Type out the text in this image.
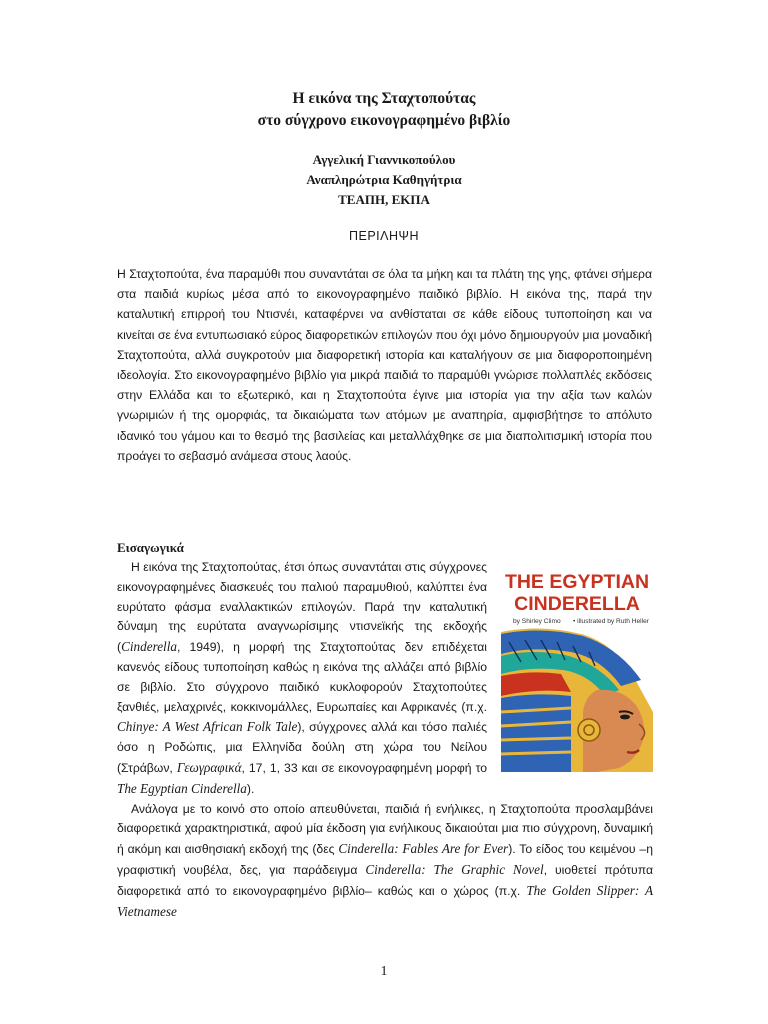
Η εικόνα της Σταχτοπούτας
στο σύγχρονο εικονογραφημένο βιβλίο
Αγγελική Γιαννικοπούλου
Αναπληρώτρια Καθηγήτρια
ΤΕΑΠΗ, ΕΚΠΑ
ΠΕΡΙΛΗΨΗ
Η Σταχτοπούτα, ένα παραμύθι που συναντάται σε όλα τα μήκη και τα πλάτη της γης, φτάνει σήμερα στα παιδιά κυρίως μέσα από το εικονογραφημένο παιδικό βιβλίο. Η εικόνα της, παρά την καταλυτική επιρροή του Ντισνέι, καταφέρνει να ανθίσταται σε κάθε είδους τυποποίηση και να κινείται σε ένα εντυπωσιακό εύρος διαφορετικών επιλογών που όχι μόνο δημιουργούν μια μοναδική Σταχτοπούτα, αλλά συγκροτούν μια διαφορετική ιστορία και καταλήγουν σε μια διαφοροποιημένη ιδεολογία. Στο εικονογραφημένο βιβλίο για μικρά παιδιά το παραμύθι γνώρισε πολλαπλές εκδόσεις στην Ελλάδα και το εξωτερικό, και η Σταχτοπούτα έγινε μια ιστορία για την αξία των καλών γνωριμιών ή της ομορφιάς, τα δικαιώματα των ατόμων με αναπηρία, αμφισβήτησε το απόλυτο ιδανικό του γάμου και το θεσμό της βασιλείας και μεταλλάχθηκε σε μια διαπολιτισμική ιστορία που προάγει το σεβασμό ανάμεσα στους λαούς.
Εισαγωγικά
THE EGYPTIAN
CINDERELLA
by Shirley Climo • illustrated by Ruth Heller

Η εικόνα της Σταχτοπούτας, έτσι όπως συναντάται στις σύγχρονες εικονογραφημένες διασκευές του παλιού παραμυθιού, καλύπτει ένα ευρύτατο φάσμα εναλλακτικών επιλογών. Παρά την καταλυτική δύναμη της ευρύτατα αναγνωρίσιμης ντισνεϊκής της εκδοχής (Cinderella, 1949), η μορφή της Σταχτοπούτας δεν επιδέχεται κανενός είδους τυποποίηση καθώς η εικόνα της αλλάζει από βιβλίο σε βιβλίο. Στο σύγχρονο παιδικό κυκλοφορούν Σταχτοπούτες ξανθιές, μελαχρινές, κοκκινομάλλες, Ευρωπαίες και Αφρικανές (π.χ. Chinye: A West African Folk Tale), σύγχρονες αλλά και τόσο παλιές όσο η Ροδώπις, μια Ελληνίδα δούλη στη χώρα του Νείλου (Στράβων, Γεωγραφικά, 17, 1, 33 και σε εικονογραφημένη μορφή το The Egyptian Cinderella).

Ανάλογα με το κοινό στο οποίο απευθύνεται, παιδιά ή ενήλικες, η Σταχτοπούτα προσλαμβάνει διαφορετικά χαρακτηριστικά, αφού μία έκδοση για ενήλικους δικαιούται μια πιο σύγχρονη, δυναμική ή ακόμη και αισθησιακή εκδοχή της (δες Cinderella: Fables Are for Ever). Το είδος του κειμένου –η γραφιστική νουβέλα, δες, για παράδειγμα Cinderella: The Graphic Novel, υιοθετεί πρότυπα διαφορετικά από το εικονογραφημένο βιβλίο– καθώς και ο χώρος (π.χ. The Golden Slipper: A Vietnamese

1
